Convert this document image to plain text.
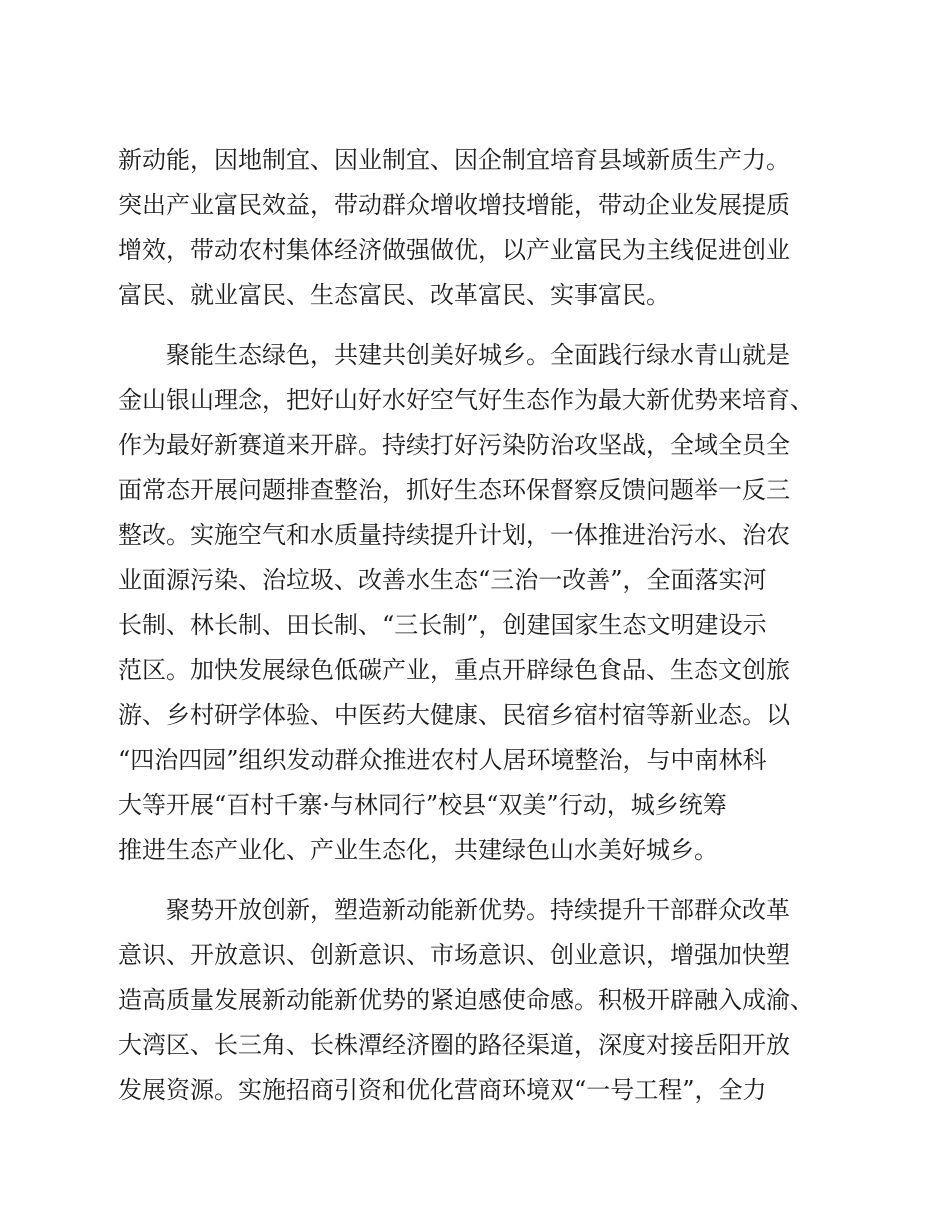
新动能，因地制宜、因业制宜、因企制宜培育县域新质生产力。
突出产业富民效益，带动群众增收增技增能，带动企业发展提质
增效，带动农村集体经济做强做优，以产业富民为主线促进创业
富民、就业富民、生态富民、改革富民、实事富民。
聚能生态绿色，共建共创美好城乡。全面践行绿水青山就是
金山银山理念，把好山好水好空气好生态作为最大新优势来培育、
作为最好新赛道来开辟。持续打好污染防治攻坚战，全域全员全
面常态开展问题排查整治，抓好生态环保督察反馈问题举一反三
整改。实施空气和水质量持续提升计划，一体推进治污水、治农
业面源污染、治垃圾、改善水生态“三治一改善”，全面落实河
长制、林长制、田长制、“三长制”，创建国家生态文明建设示
范区。加快发展绿色低碳产业，重点开辟绿色食品、生态文创旅
游、乡村研学体验、中医药大健康、民宿乡宿村宿等新业态。以
“四治四园”组织发动群众推进农村人居环境整治，与中南林科
大等开展“百村千寨·与林同行”校县“双美”行动，城乡统筹
推进生态产业化、产业生态化，共建绿色山水美好城乡。
聚势开放创新，塑造新动能新优势。持续提升干部群众改革
意识、开放意识、创新意识、市场意识、创业意识，增强加快塑
造高质量发展新动能新优势的紧迫感使命感。积极开辟融入成渝、
大湾区、长三角、长株潭经济圈的路径渠道，深度对接岳阳开放
发展资源。实施招商引资和优化营商环境双“一号工程”，全力
